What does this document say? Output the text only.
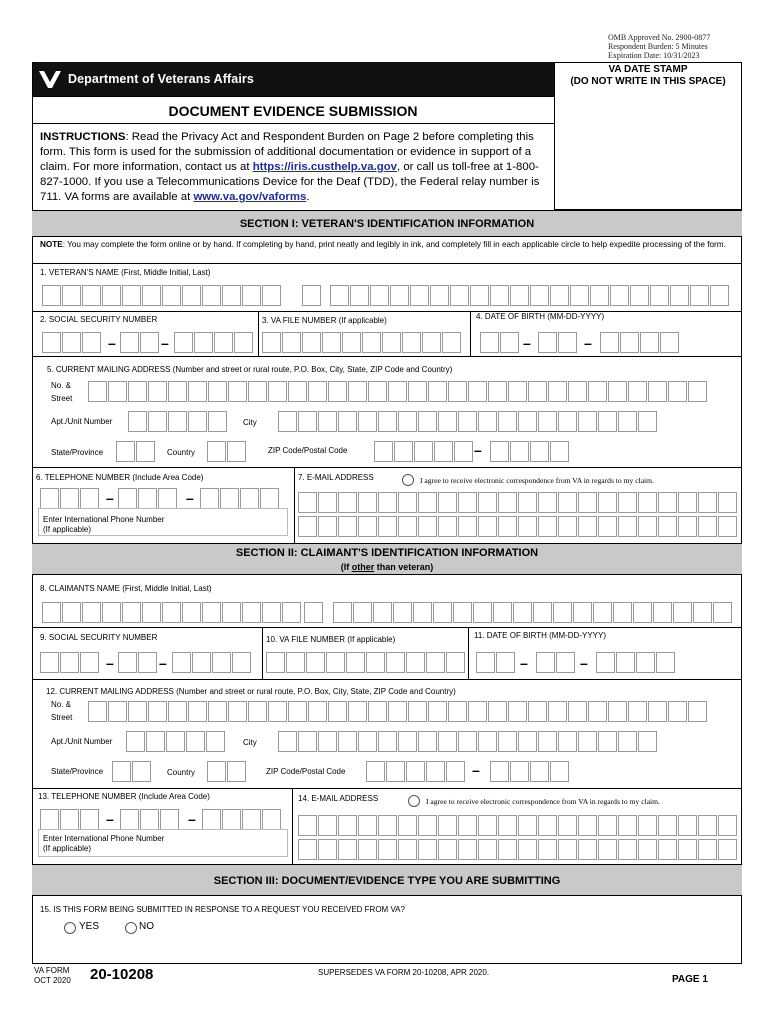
OMB Approved No. 2900-0877
Respondent Burden: 5 Minutes
Expiration Date: 10/31/2023
Department of Veterans Affairs
VA DATE STAMP
(DO NOT WRITE IN THIS SPACE)
DOCUMENT EVIDENCE SUBMISSION
INSTRUCTIONS: Read the Privacy Act and Respondent Burden on Page 2 before completing this form. This form is used for the submission of additional documentation or evidence in support of a claim. For more information, contact us at https://iris.custhelp.va.gov, or call us toll-free at 1-800-827-1000. If you use a Telecommunications Device for the Deaf (TDD), the Federal relay number is 711. VA forms are available at www.va.gov/vaforms.
SECTION I: VETERAN'S IDENTIFICATION INFORMATION
NOTE: You may complete the form online or by hand. If completing by hand, print neatly and legibly in ink, and completely fill in each applicable circle to help expedite processing of the form.
1. VETERAN'S NAME (First, Middle Initial, Last)
2. SOCIAL SECURITY NUMBER	3. VA FILE NUMBER (If applicable)	4. DATE OF BIRTH (MM-DD-YYYY)
–	–	–	–
5. CURRENT MAILING ADDRESS (Number and street or rural route, P.O. Box, City, State, ZIP Code and Country)
No. &
Street
Apt./Unit Number	City
State/Province	Country	ZIP Code/Postal Code	–
6. TELEPHONE NUMBER (Include Area Code)
–	–
Enter International Phone Number
(If applicable)
7. E-MAIL ADDRESS	I agree to receive electronic correspondence from VA in regards to my claim.
SECTION II: CLAIMANT'S IDENTIFICATION INFORMATION
(If other than veteran)
8. CLAIMANTS NAME (First, Middle Initial, Last)
9. SOCIAL SECURITY NUMBER	10. VA FILE NUMBER (If applicable)	11. DATE OF BIRTH (MM-DD-YYYY)
–	–	–	–
12. CURRENT MAILING ADDRESS (Number and street or rural route, P.O. Box, City, State, ZIP Code and Country)
No. &
Street
Apt./Unit Number	City
State/Province	Country	ZIP Code/Postal Code	–
13. TELEPHONE NUMBER (Include Area Code)
–	–
Enter International Phone Number
(If applicable)
14. E-MAIL ADDRESS	I agree to receive electronic correspondence from VA in regards to my claim.
SECTION III: DOCUMENT/EVIDENCE TYPE YOU ARE SUBMITTING
15. IS THIS FORM BEING SUBMITTED IN RESPONSE TO A REQUEST YOU RECEIVED FROM VA?
YES	NO
VA FORM
OCT 2020 20-10208	SUPERSEDES VA FORM 20-10208, APR 2020.
PAGE 1
